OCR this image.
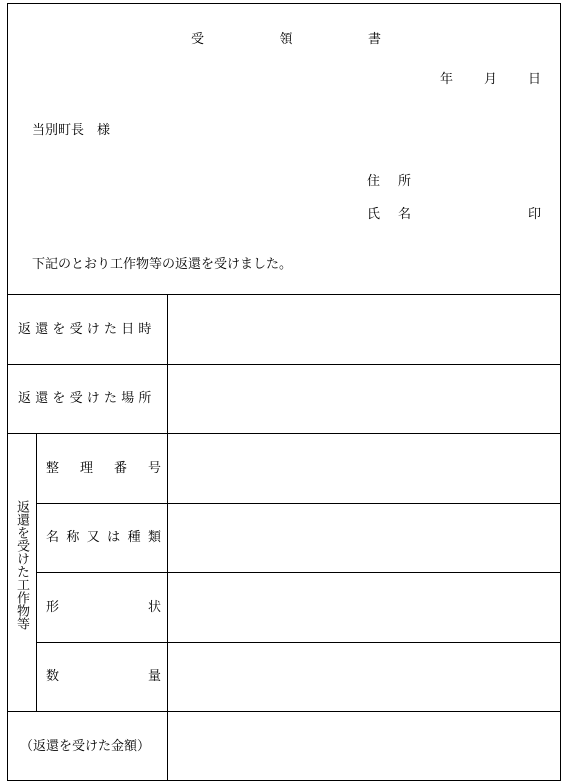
受	領	書
年 月 日
当別町長　様
住 所
氏 名	印
下記のとおり工作物等の返還を受けました。
返還を受けた日時
返還を受けた場所
返還を受けた工作物等
整 理 番 号
名 称 又 は 種 類
形	状
数	量
（返還を受けた金額）
